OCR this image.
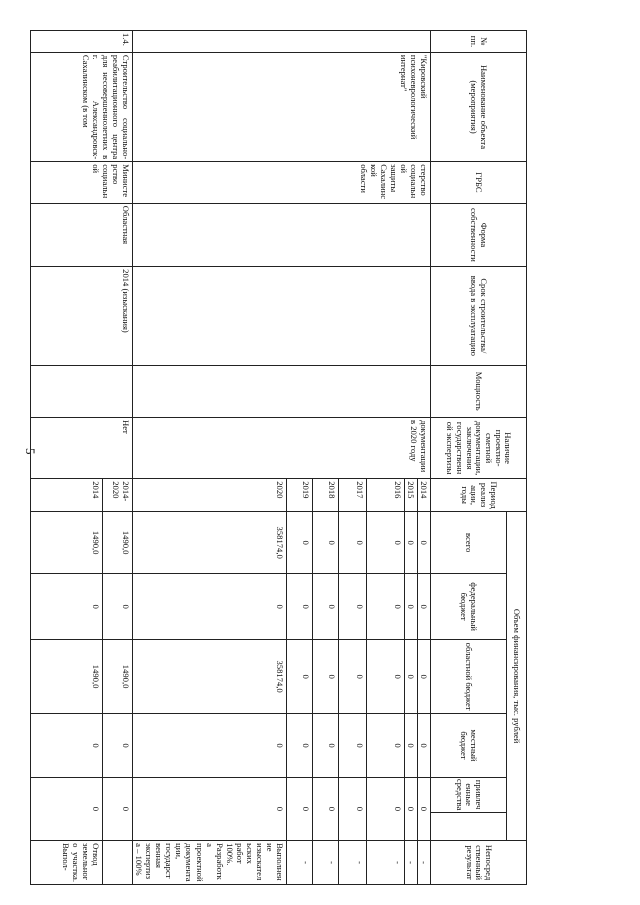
5
№ пп.	Наименование объекта (мероприятия)	ГРБС	Форма собственности	Срок строительства/ввода в эксплуатацию	Мощность	Наличие проектно-сметной документации, заключения государственной экспертизы	Период реализации, годы	Объем финансирования, тыс. рублей					Непосредственный результат
								всего	федеральный бюджет	областной бюджет	местный бюджет	привлеченные средства
	"Кировский психоневрологический интернат"	стерство социальной защиты Сахалинской области				документации в 2020 году	2014	0	0	0	0	0	-
							2015	0	0	0	0	0	-
							2016	0	0	0	0	0	-
							2017	0	0	0	0	0	-
							2018	0	0	0	0	0	-
							2019	0	0	0	0	0	-
							2020	358174,0	0	358174,0	0	0	Выполнение изыскательских работ 100%. Разработка проектной документации, государственная экспертиза – 100%
1.4.	Строительство социально-реабилитационного центра для несовершеннолетних в г. Александровск-Сахалинском (в том	Министерство социальной	Областная	2014 (изыскания)		Нет	2014-2020	1490,0	0	1490,0	0	0	
							2014	1490,0	0	1490,0	0	0	Отвод земельного участка. Выпол-
